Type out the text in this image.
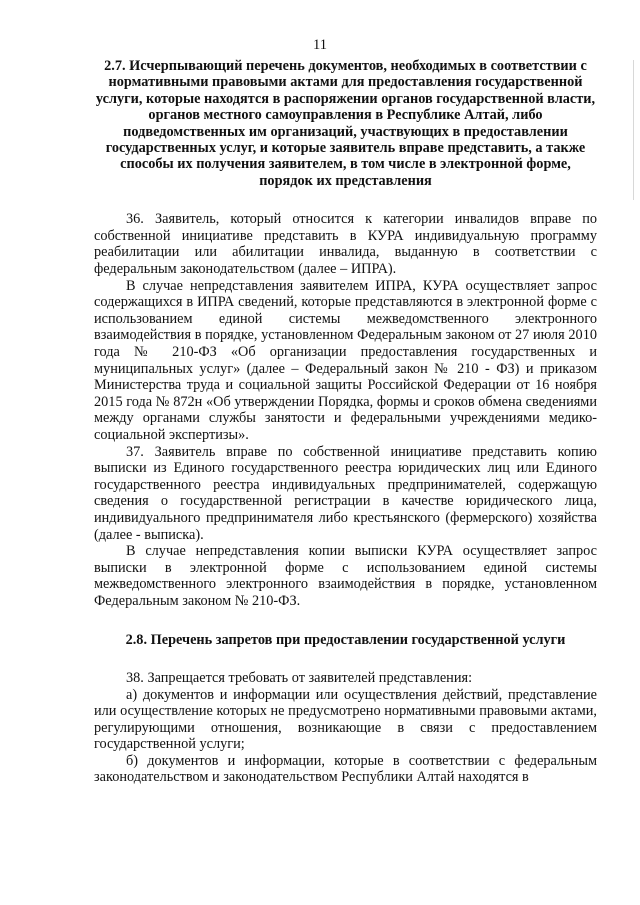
11
2.7. Исчерпывающий перечень документов, необходимых в соответствии с нормативными правовыми актами для предоставления государственной услуги, которые находятся в распоряжении органов государственной власти, органов местного самоуправления в Республике Алтай, либо подведомственных им организаций, участвующих в предоставлении государственных услуг, и которые заявитель вправе представить, а также способы их получения заявителем, в том числе в электронной форме, порядок их представления

36. Заявитель, который относится к категории инвалидов вправе по собственной инициативе представить в КУРА индивидуальную программу реабилитации или абилитации инвалида, выданную в соответствии с федеральным законодательством (далее – ИПРА).

В случае непредставления заявителем ИПРА, КУРА осуществляет запрос содержащихся в ИПРА сведений, которые представляются в электронной форме с использованием единой системы межведомственного электронного взаимодействия в порядке, установленном Федеральным законом от 27 июля 2010 года № 210-ФЗ «Об организации предоставления государственных и муниципальных услуг» (далее – Федеральный закон № 210 - ФЗ) и приказом Министерства труда и социальной защиты Российской Федерации от 16 ноября 2015 года № 872н «Об утверждении Порядка, формы и сроков обмена сведениями между органами службы занятости и федеральными учреждениями медико-социальной экспертизы».

37. Заявитель вправе по собственной инициативе представить копию выписки из Единого государственного реестра юридических лиц или Единого государственного реестра индивидуальных предпринимателей, содержащую сведения о государственной регистрации в качестве юридического лица, индивидуального предпринимателя либо крестьянского (фермерского) хозяйства (далее - выписка).

В случае непредставления копии выписки КУРА осуществляет запрос выписки в электронной форме с использованием единой системы межведомственного электронного взаимодействия в порядке, установленном Федеральным законом № 210-ФЗ.

2.8. Перечень запретов при предоставлении государственной услуги

38. Запрещается требовать от заявителей представления:

а) документов и информации или осуществления действий, представление или осуществление которых не предусмотрено нормативными правовыми актами, регулирующими отношения, возникающие в связи с предоставлением государственной услуги;

б) документов и информации, которые в соответствии с федеральным законодательством и законодательством Республики Алтай находятся в
